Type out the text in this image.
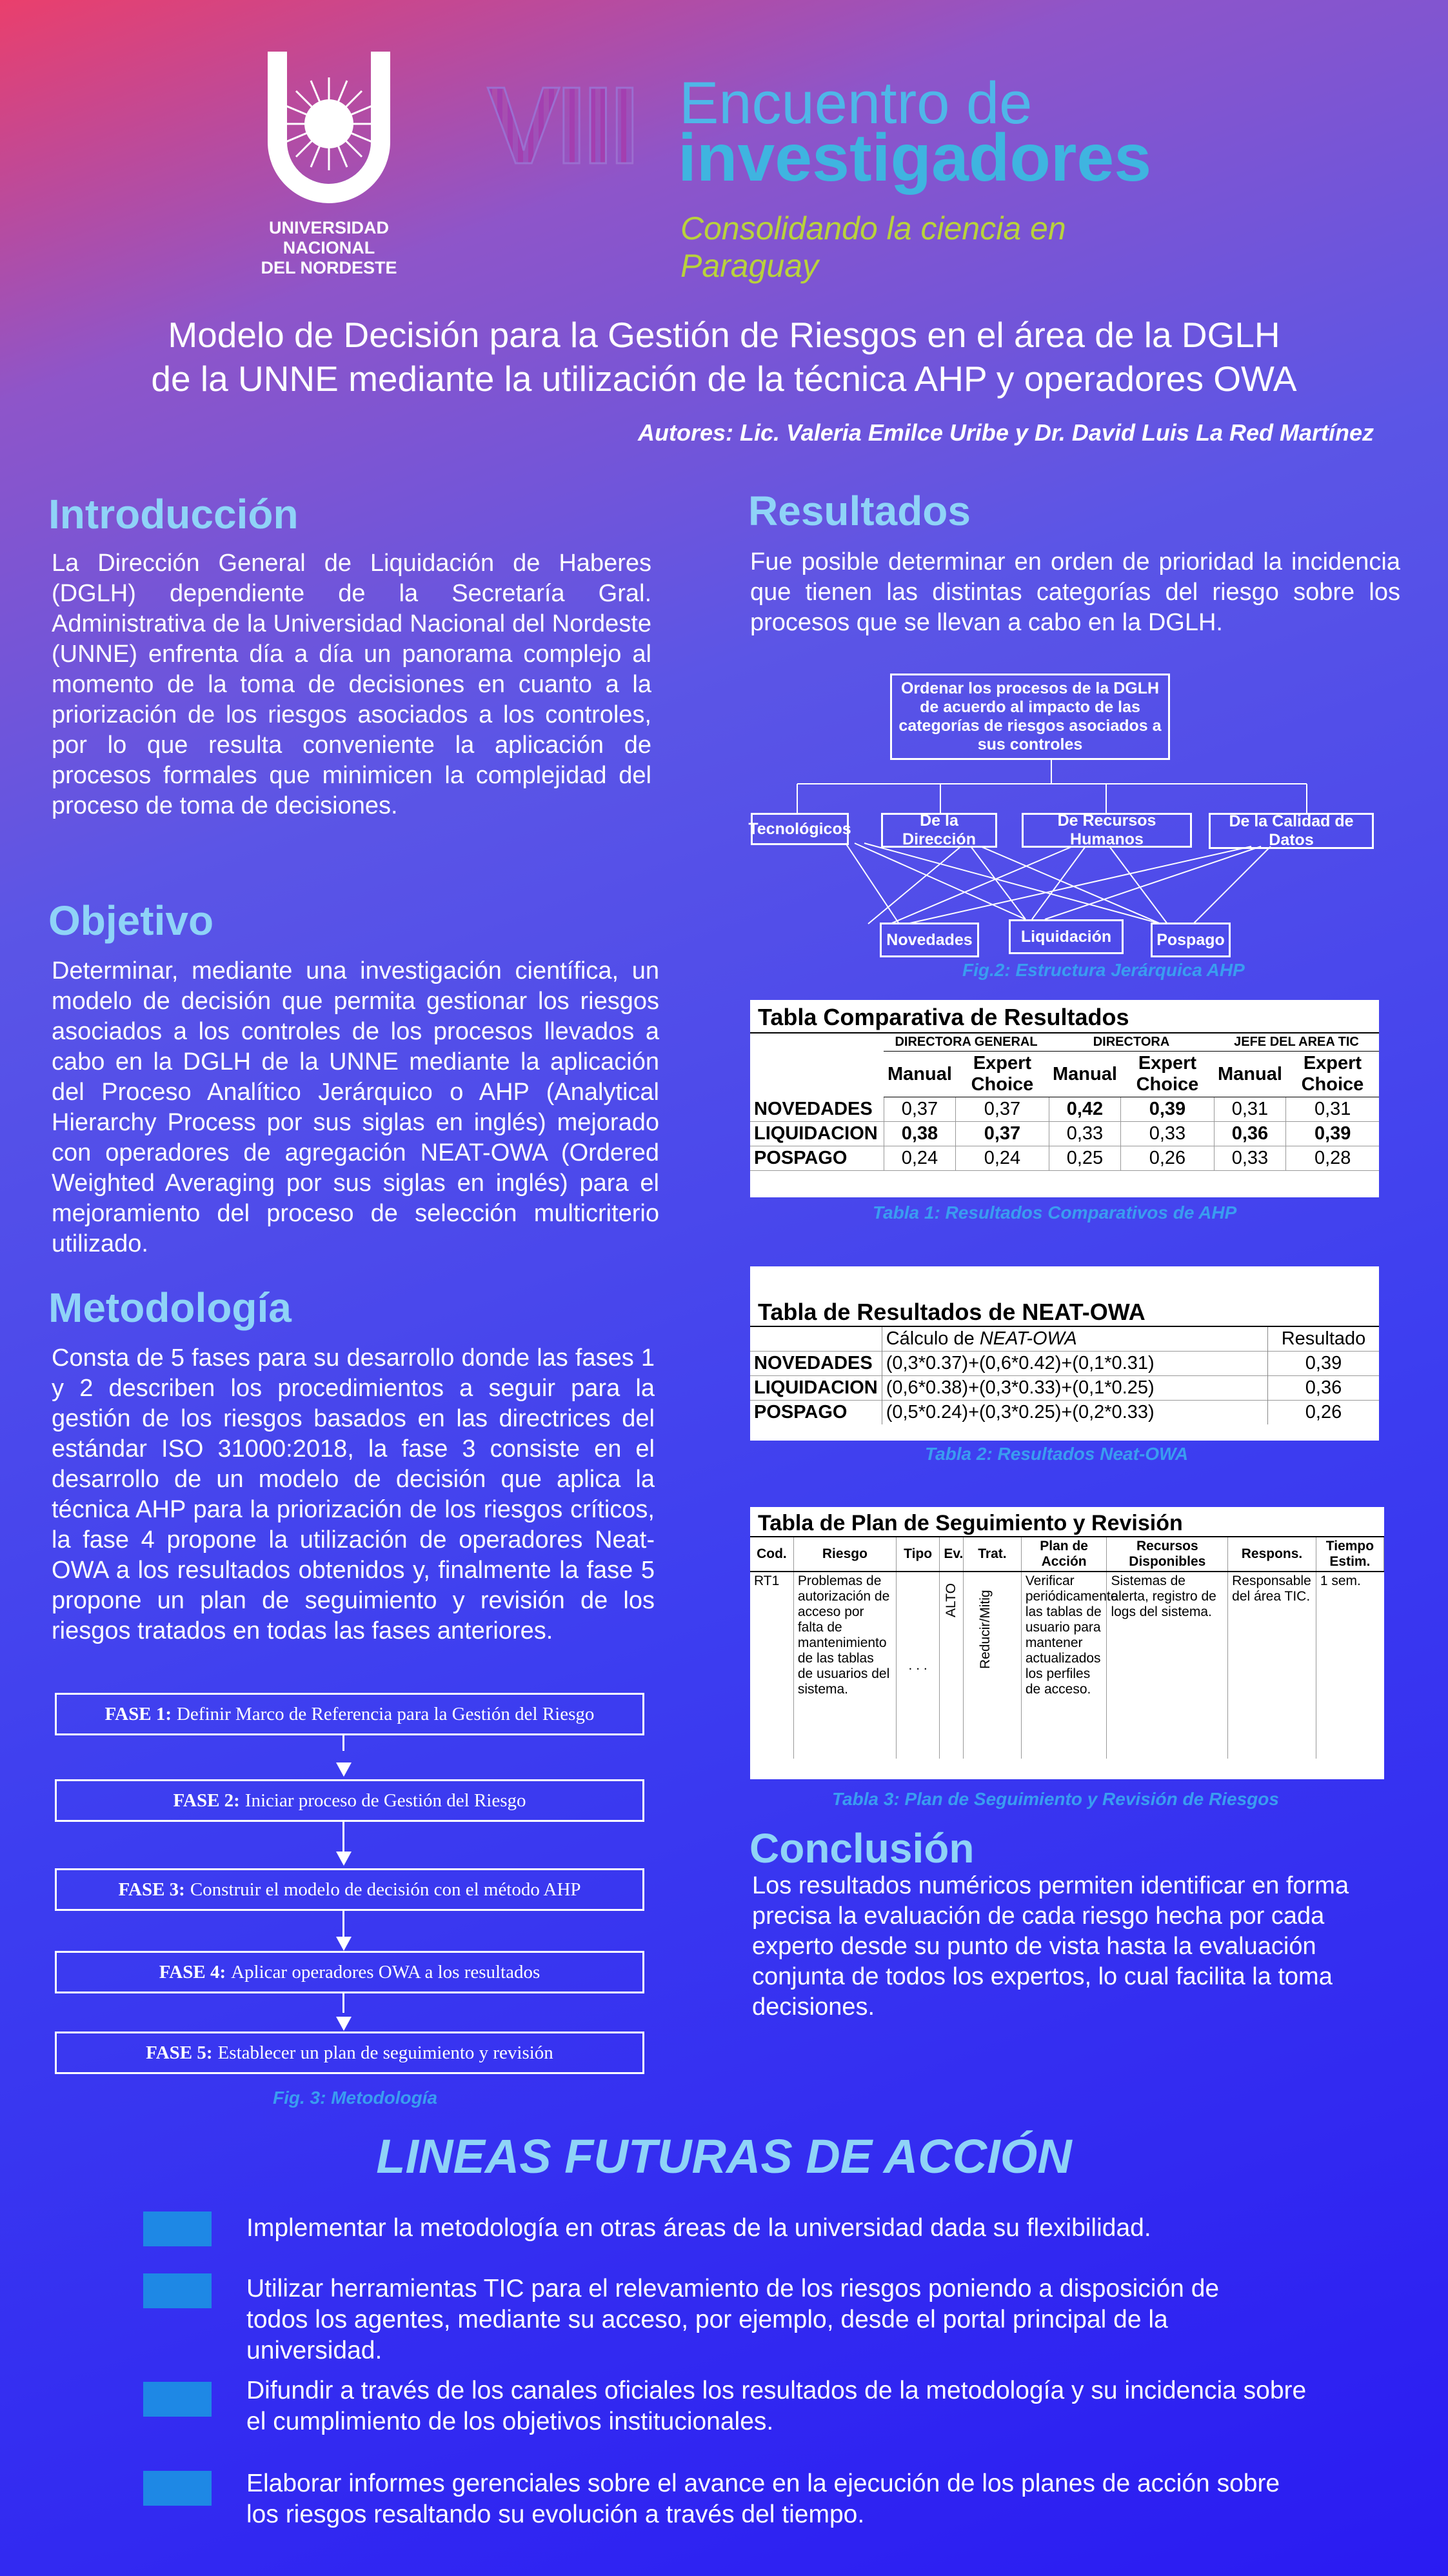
UNIVERSIDAD
NACIONAL
DEL NORDESTE
VIII Encuentro de
investigadores
Consolidando la ciencia en Paraguay
Modelo de Decisión para la Gestión de Riesgos en el área de la DGLH
de la UNNE mediante la utilización de la técnica AHP y operadores OWA
Autores: Lic. Valeria Emilce Uribe y Dr. David Luis La Red Martínez
Introducción
La Dirección General de Liquidación de Haberes (DGLH) dependiente de la Secretaría Gral. Administrativa de la Universidad Nacional del Nordeste (UNNE) enfrenta día a día un panorama complejo al momento de la toma de decisiones en cuanto a la priorización de los riesgos asociados a los controles, por lo que resulta conveniente la aplicación de procesos formales que minimicen la complejidad del proceso de toma de decisiones.
Objetivo
Determinar, mediante una investigación científica, un modelo de decisión que permita gestionar los riesgos asociados a los controles de los procesos llevados a cabo en la DGLH de la UNNE mediante la aplicación del Proceso Analítico Jerárquico o AHP (Analytical Hierarchy Process por sus siglas en inglés) mejorado con operadores de agregación NEAT-OWA (Ordered Weighted Averaging por sus siglas en inglés) para el mejoramiento del proceso de selección multicriterio utilizado.
Metodología
Consta de 5 fases para su desarrollo donde las fases 1 y 2 describen los procedimientos a seguir para la gestión de los riesgos basados en las directrices del estándar ISO 31000:2018, la fase 3 consiste en el desarrollo de un modelo de decisión que aplica la técnica AHP para la priorización de los riesgos críticos, la fase 4 propone la utilización de operadores Neat-OWA a los resultados obtenidos y, finalmente la fase 5 propone un plan de seguimiento y revisión de los riesgos tratados en todas las fases anteriores.
FASE 1: Definir Marco de Referencia para la Gestión del Riesgo
FASE 2: Iniciar proceso de Gestión del Riesgo
FASE 3: Construir el modelo de decisión con el método AHP
FASE 4: Aplicar operadores OWA a los resultados
FASE 5: Establecer un plan de seguimiento y revisión
Fig. 3: Metodología
Resultados
Fue posible determinar en orden de prioridad la incidencia que tienen las distintas categorías del riesgo sobre los procesos que se llevan a cabo en la DGLH.
Ordenar los procesos de la DGLH de acuerdo al impacto de las categorías de riesgos asociados a sus controles
Tecnológicos	De la Dirección
De Recursos Humanos
De la Calidad de Datos
Novedades	Liquidación	Pospago
Fig.2: Estructura Jerárquica AHP
Tabla Comparativa de Resultados
	DIRECTORA GENERAL		DIRECTORA		JEFE DEL AREA TIC	
	Manual	Expert Choice	Manual	Expert Choice	Manual	Expert Choice
NOVEDADES	0,37	0,37	0,42	0,39	0,31	0,31
LIQUIDACION	0,38	0,37	0,33	0,33	0,36	0,39
POSPAGO	0,24	0,24	0,25	0,26	0,33	0,28
Tabla 1: Resultados Comparativos de AHP
Tabla de Resultados de NEAT-OWA
	Cálculo de NEAT-OWA	Resultado
NOVEDADES	(0,3*0.37)+(0,6*0.42)+(0,1*0.31)	0,39
LIQUIDACION	(0,6*0.38)+(0,3*0.33)+(0,1*0.25)	0,36
POSPAGO	(0,5*0.24)+(0,3*0.25)+(0,2*0.33)	0,26
Tabla 2: Resultados Neat-OWA
Tabla de Plan de Seguimiento y Revisión
Cod.	Riesgo	Tipo	Ev.	Trat.	Plan de Acción	Recursos Disponibles	Respons.	Tiempo Estim.
RT1	Problemas de autorización de acceso por falta de mantenimiento de las tablas de usuarios del sistema.	. . .	ALTO	Reducir/Mitig	Verificar periódicamente las tablas de usuario para mantener actualizados los perfiles de acceso.	Sistemas de alerta, registro de logs del sistema.	Responsable del área TIC.	1 sem.
Tabla 3: Plan de Seguimiento y Revisión de Riesgos
Conclusión
Los resultados numéricos permiten identificar en forma precisa la evaluación de cada riesgo hecha por cada experto desde su punto de vista hasta la evaluación conjunta de todos los expertos, lo cual facilita la toma decisiones.
LINEAS FUTURAS DE ACCIÓN
Implementar la metodología en otras áreas de la universidad dada su flexibilidad.
Utilizar herramientas TIC para el relevamiento de los riesgos poniendo a disposición de todos los agentes, mediante su acceso, por ejemplo, desde el portal principal de la universidad.
Difundir a través de los canales oficiales los resultados de la metodología y su incidencia sobre el cumplimiento de los objetivos institucionales.
Elaborar informes gerenciales sobre el avance en la ejecución de los planes de acción sobre los riesgos resaltando su evolución a través del tiempo.
